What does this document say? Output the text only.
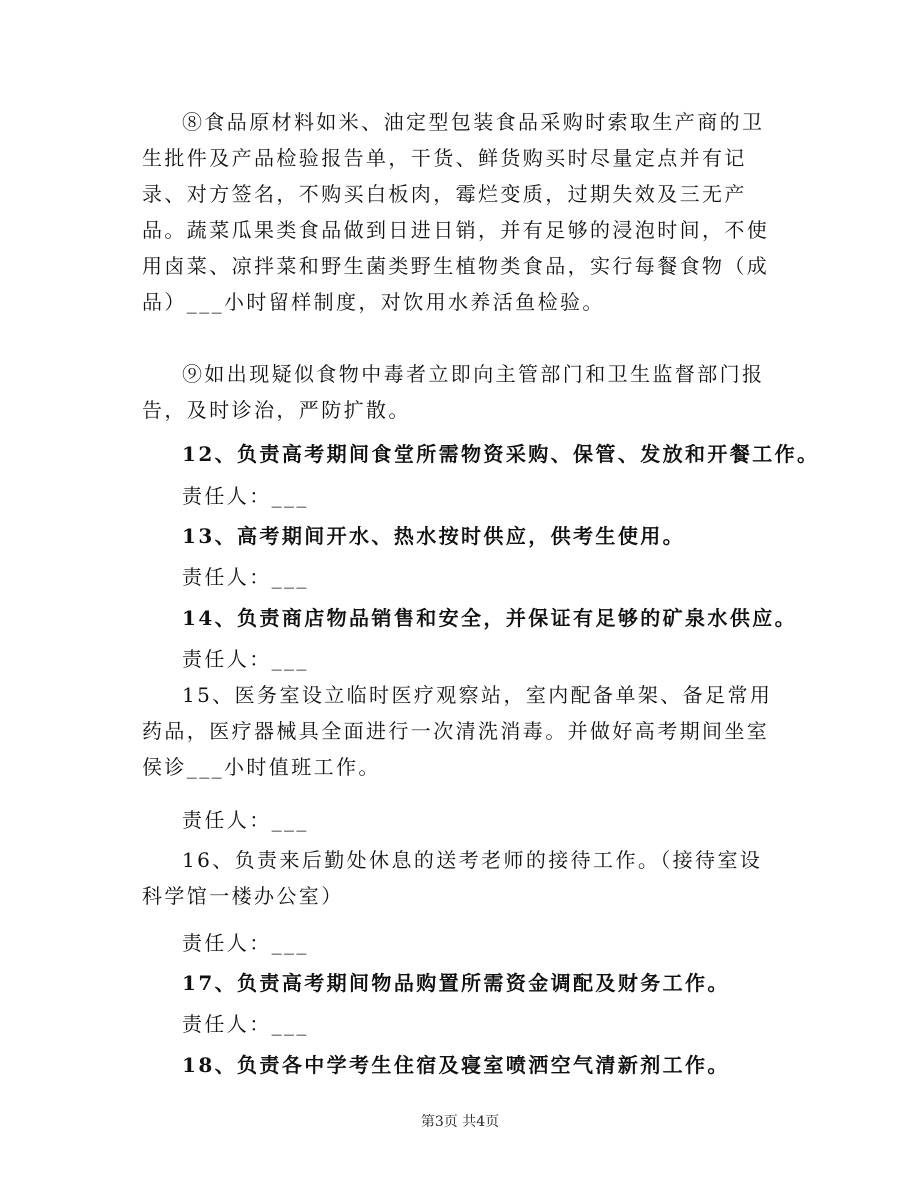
⑧食品原材料如米、油定型包装食品采购时索取生产商的卫生批件及产品检验报告单，干货、鲜货购买时尽量定点并有记录、对方签名，不购买白板肉，霉烂变质，过期失效及三无产品。蔬菜瓜果类食品做到日进日销，并有足够的浸泡时间，不使用卤菜、凉拌菜和野生菌类野生植物类食品，实行每餐食物（成品）___小时留样制度，对饮用水养活鱼检验。

⑨如出现疑似食物中毒者立即向主管部门和卫生监督部门报告，及时诊治，严防扩散。

12、负责高考期间食堂所需物资采购、保管、发放和开餐工作。

责任人：___

13、高考期间开水、热水按时供应，供考生使用。

责任人：___

14、负责商店物品销售和安全，并保证有足够的矿泉水供应。

责任人：___

15、医务室设立临时医疗观察站，室内配备单架、备足常用药品，医疗器械具全面进行一次清洗消毒。并做好高考期间坐室侯诊___小时值班工作。

责任人：___

16、负责来后勤处休息的送考老师的接待工作。（接待室设科学馆一楼办公室）

责任人：___

17、负责高考期间物品购置所需资金调配及财务工作。

责任人：___

18、负责各中学考生住宿及寝室喷洒空气清新剂工作。

第3页 共4页
